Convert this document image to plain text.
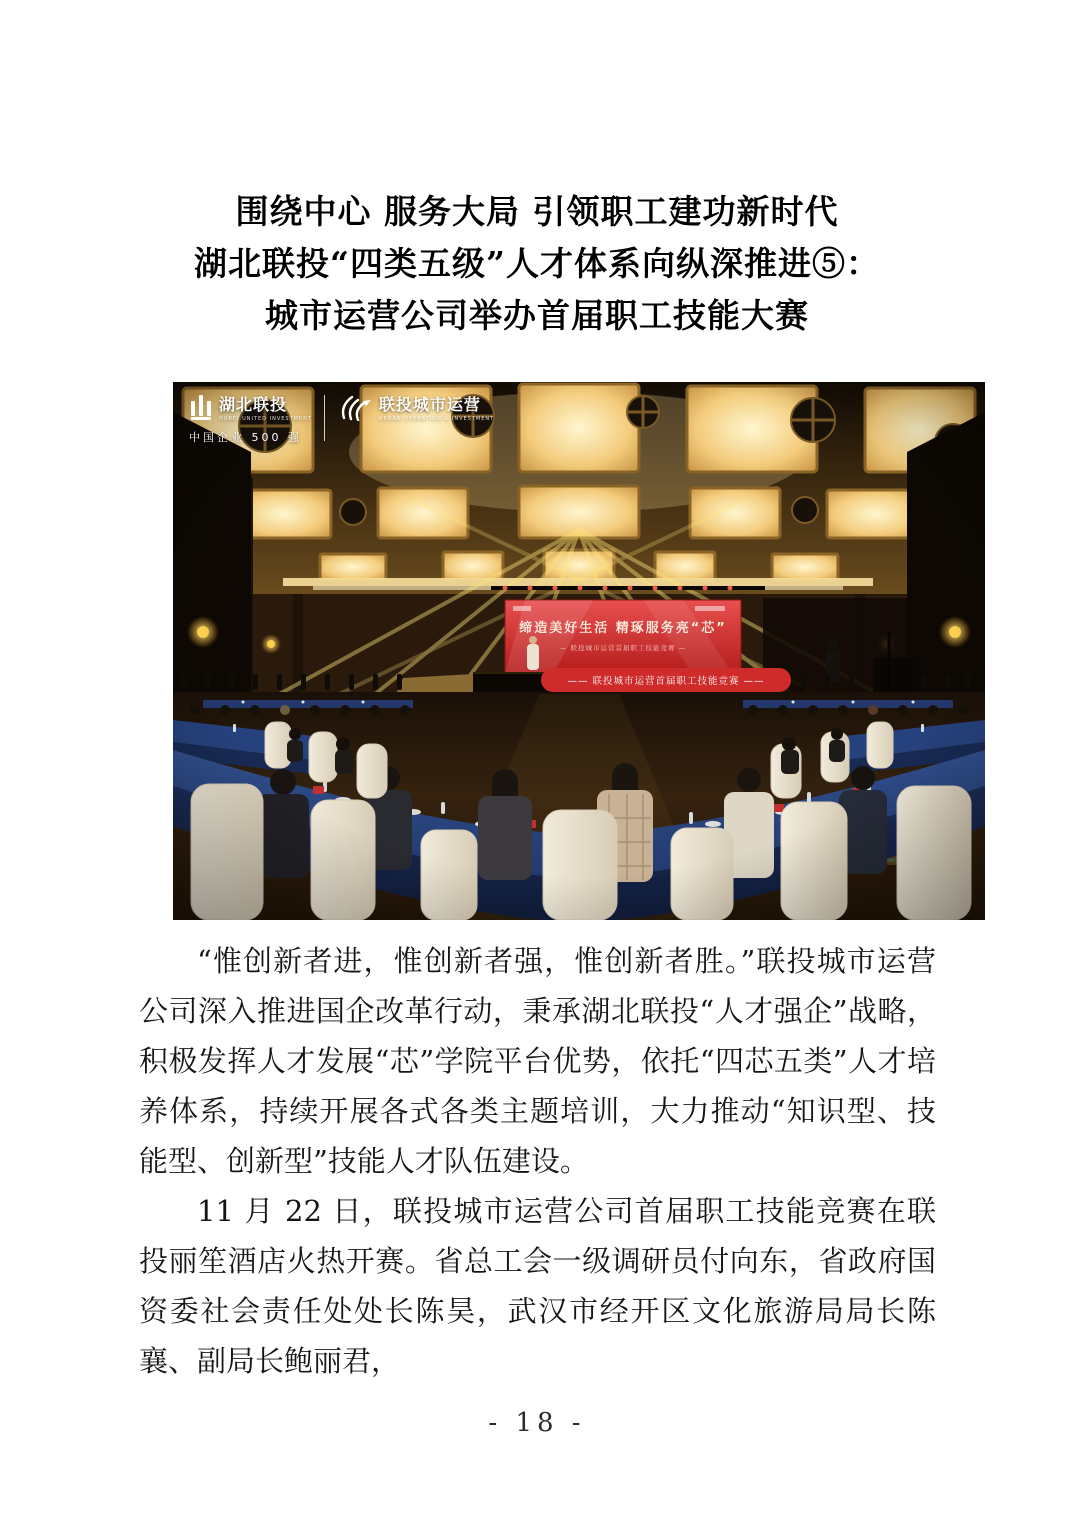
围绕中心 服务大局 引领职工建功新时代
湖北联投“四类五级”人才体系向纵深推进⑤：
城市运营公司举办首届职工技能大赛
湖北联投
HUBEI UNITED INVESTMENT
中国企业 500 强
联投城市运营
URBAN OPERATION & INVESTMENT

“惟创新者进，惟创新者强，惟创新者胜。”联投城市运营公司深入推进国企改革行动，秉承湖北联投“人才强企”战略，积极发挥人才发展“芯”学院平台优势，依托“四芯五类”人才培养体系，持续开展各式各类主题培训，大力推动“知识型、技能型、创新型”技能人才队伍建设。

11 月 22 日，联投城市运营公司首届职工技能竞赛在联投丽笙酒店火热开赛。省总工会一级调研员付向东，省政府国资委社会责任处处长陈昊，武汉市经开区文化旅游局局长陈襄、副局长鲍丽君，

- 18 -
